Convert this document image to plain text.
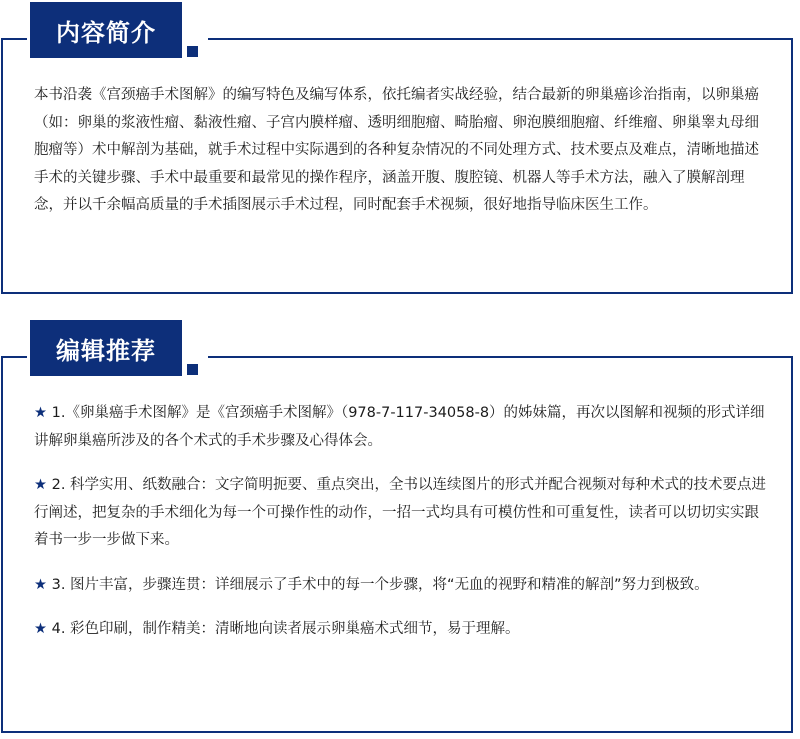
内容简介
本书沿袭《宫颈癌手术图解》的编写特色及编写体系，依托编者实战经验，结合最新的卵巢癌诊治指南，以卵巢癌（如：卵巢的浆液性瘤、黏液性瘤、子宫内膜样瘤、透明细胞瘤、畸胎瘤、卵泡膜细胞瘤、纤维瘤、卵巢睾丸母细胞瘤等）术中解剖为基础，就手术过程中实际遇到的各种复杂情况的不同处理方式、技术要点及难点，清晰地描述手术的关键步骤、手术中最重要和最常见的操作程序，涵盖开腹、腹腔镜、机器人等手术方法，融入了膜解剖理念，并以千余幅高质量的手术插图展示手术过程，同时配套手术视频，很好地指导临床医生工作。
编辑推荐

★ 1.《卵巢癌手术图解》是《宫颈癌手术图解》（978-7-117-34058-8）的姊妹篇，再次以图解和视频的形式详细讲解卵巢癌所涉及的各个术式的手术步骤及心得体会。

★ 2. 科学实用、纸数融合：文字简明扼要、重点突出，全书以连续图片的形式并配合视频对每种术式的技术要点进行阐述，把复杂的手术细化为每一个可操作性的动作，一招一式均具有可模仿性和可重复性，读者可以切切实实跟着书一步一步做下来。

★ 3. 图片丰富，步骤连贯：详细展示了手术中的每一个步骤，将“无血的视野和精准的解剖”努力到极致。

★ 4. 彩色印刷，制作精美：清晰地向读者展示卵巢癌术式细节，易于理解。
